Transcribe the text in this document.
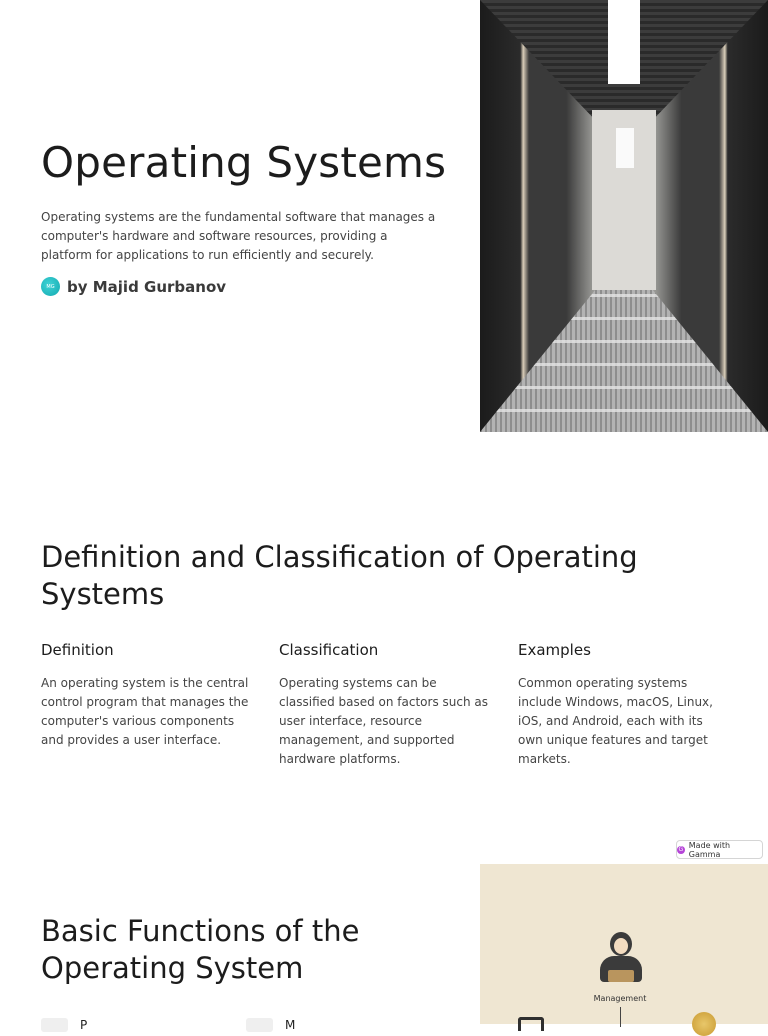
Operating Systems

Operating systems are the fundamental software that manages a computer's hardware and software resources, providing a platform for applications to run efficiently and securely.

MG by Majid Gurbanov
Definition and Classification of Operating Systems
Definition

An operating system is the central control program that manages the computer's various components and provides a user interface.

Classification

Operating systems can be classified based on factors such as user interface, resource management, and supported hardware platforms.

Examples

Common operating systems include Windows, macOS, Linux, iOS, and Android, each with its own unique features and target markets.

G Made with Gamma
Basic Functions of the Operating System
Management
P	M
